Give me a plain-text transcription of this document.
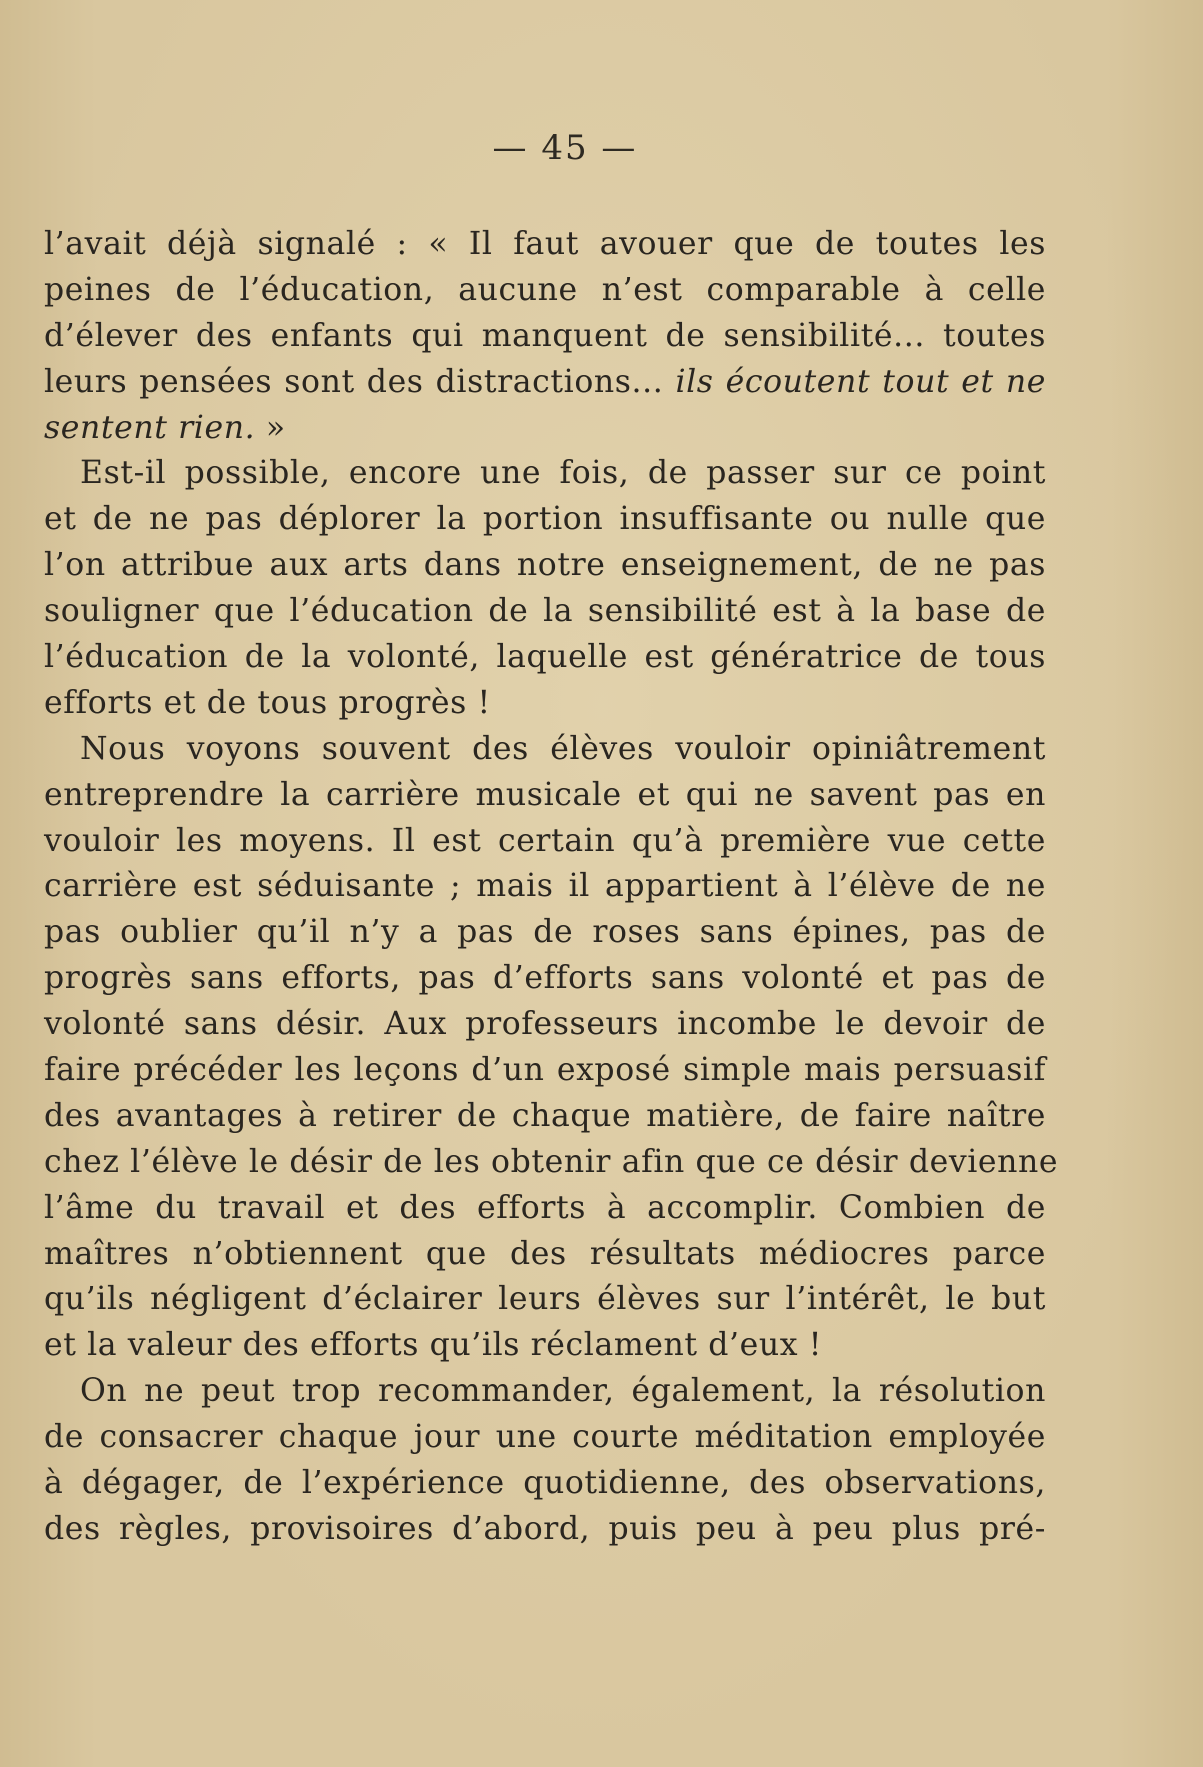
— 45 —
l’avait déjà signalé : « Il faut avouer que de toutes les
peines de l’éducation, aucune n’est comparable à celle
d’élever des enfants qui manquent de sensibilité... toutes
leurs pensées sont des distractions... ils écoutent tout et ne
sentent rien. »
Est-il possible, encore une fois, de passer sur ce point
et de ne pas déplorer la portion insuffisante ou nulle que
l’on attribue aux arts dans notre enseignement, de ne pas
souligner que l’éducation de la sensibilité est à la base de
l’éducation de la volonté, laquelle est génératrice de tous
efforts et de tous progrès !
Nous voyons souvent des élèves vouloir opiniâtrement
entreprendre la carrière musicale et qui ne savent pas en
vouloir les moyens. Il est certain qu’à première vue cette
carrière est séduisante ; mais il appartient à l’élève de ne
pas oublier qu’il n’y a pas de roses sans épines, pas de
progrès sans efforts, pas d’efforts sans volonté et pas de
volonté sans désir. Aux professeurs incombe le devoir de
faire précéder les leçons d’un exposé simple mais persuasif
des avantages à retirer de chaque matière, de faire naître
chez l’élève le désir de les obtenir afin que ce désir devienne
l’âme du travail et des efforts à accomplir. Combien de
maîtres n’obtiennent que des résultats médiocres parce
qu’ils négligent d’éclairer leurs élèves sur l’intérêt, le but
et la valeur des efforts qu’ils réclament d’eux !
On ne peut trop recommander, également, la résolution
de consacrer chaque jour une courte méditation employée
à dégager, de l’expérience quotidienne, des observations,
des règles, provisoires d’abord, puis peu à peu plus pré-
